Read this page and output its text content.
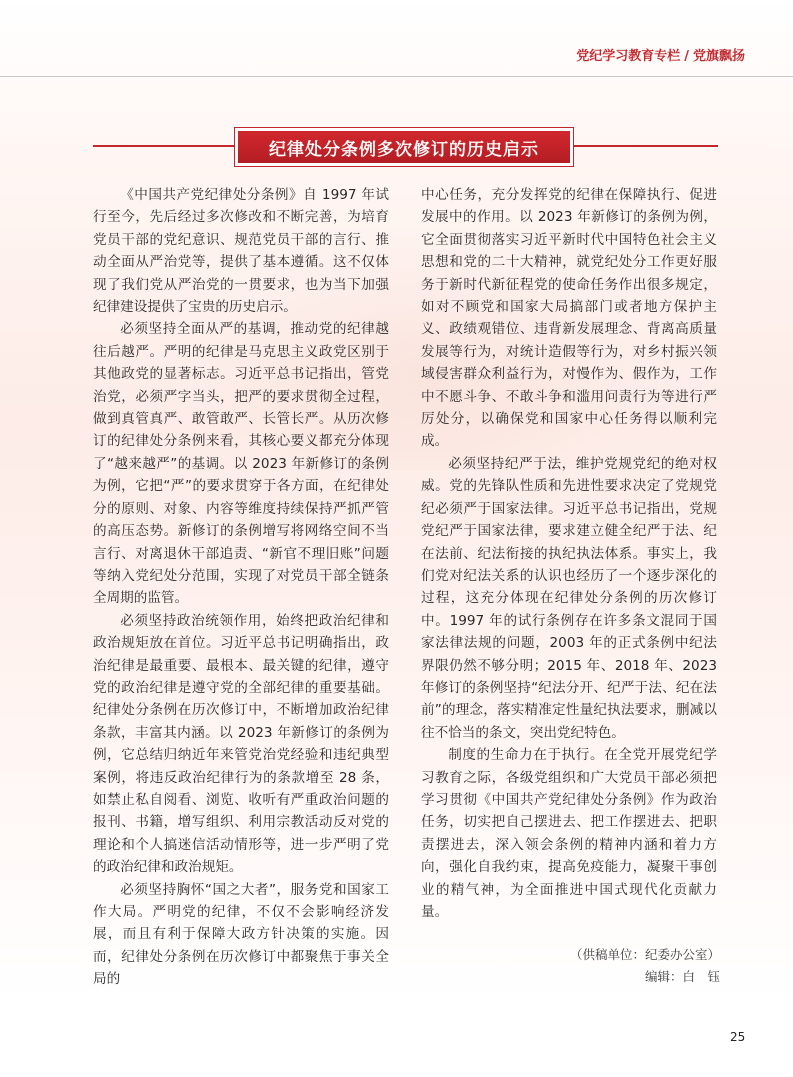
党纪学习教育专栏 / 党旗飘扬
纪律处分条例多次修订的历史启示

《中国共产党纪律处分条例》自 1997 年试行至今，先后经过多次修改和不断完善，为培育党员干部的党纪意识、规范党员干部的言行、推动全面从严治党等，提供了基本遵循。这不仅体现了我们党从严治党的一贯要求，也为当下加强纪律建设提供了宝贵的历史启示。

必须坚持全面从严的基调，推动党的纪律越往后越严。严明的纪律是马克思主义政党区别于其他政党的显著标志。习近平总书记指出，管党治党，必须严字当头，把严的要求贯彻全过程，做到真管真严、敢管敢严、长管长严。从历次修订的纪律处分条例来看，其核心要义都充分体现了“越来越严”的基调。以 2023 年新修订的条例为例，它把“严”的要求贯穿于各方面，在纪律处分的原则、对象、内容等维度持续保持严抓严管的高压态势。新修订的条例增写将网络空间不当言行、对离退休干部追责、“新官不理旧账”问题等纳入党纪处分范围，实现了对党员干部全链条全周期的监管。

必须坚持政治统领作用，始终把政治纪律和政治规矩放在首位。习近平总书记明确指出，政治纪律是最重要、最根本、最关键的纪律，遵守党的政治纪律是遵守党的全部纪律的重要基础。纪律处分条例在历次修订中，不断增加政治纪律条款，丰富其内涵。以 2023 年新修订的条例为例，它总结归纳近年来管党治党经验和违纪典型案例，将违反政治纪律行为的条款增至 28 条，如禁止私自阅看、浏览、收听有严重政治问题的报刊、书籍，增写组织、利用宗教活动反对党的理论和个人搞迷信活动情形等，进一步严明了党的政治纪律和政治规矩。

必须坚持胸怀“国之大者”，服务党和国家工作大局。严明党的纪律，不仅不会影响经济发展，而且有利于保障大政方针决策的实施。因而，纪律处分条例在历次修订中都聚焦于事关全局的

中心任务，充分发挥党的纪律在保障执行、促进发展中的作用。以 2023 年新修订的条例为例，它全面贯彻落实习近平新时代中国特色社会主义思想和党的二十大精神，就党纪处分工作更好服务于新时代新征程党的使命任务作出很多规定，如对不顾党和国家大局搞部门或者地方保护主义、政绩观错位、违背新发展理念、背离高质量发展等行为，对统计造假等行为，对乡村振兴领域侵害群众利益行为，对慢作为、假作为，工作中不愿斗争、不敢斗争和滥用问责行为等进行严厉处分，以确保党和国家中心任务得以顺利完成。

必须坚持纪严于法，维护党规党纪的绝对权威。党的先锋队性质和先进性要求决定了党规党纪必须严于国家法律。习近平总书记指出，党规党纪严于国家法律，要求建立健全纪严于法、纪在法前、纪法衔接的执纪执法体系。事实上，我们党对纪法关系的认识也经历了一个逐步深化的过程，这充分体现在纪律处分条例的历次修订中。1997 年的试行条例存在许多条文混同于国家法律法规的问题，2003 年的正式条例中纪法界限仍然不够分明；2015 年、2018 年、2023 年修订的条例坚持“纪法分开、纪严于法、纪在法前”的理念，落实精准定性量纪执法要求，删减以往不恰当的条文，突出党纪特色。

制度的生命力在于执行。在全党开展党纪学习教育之际，各级党组织和广大党员干部必须把学习贯彻《中国共产党纪律处分条例》作为政治任务，切实把自己摆进去、把工作摆进去、把职责摆进去，深入领会条例的精神内涵和着力方向，强化自我约束，提高免疫能力，凝聚干事创业的精气神，为全面推进中国式现代化贡献力量。

（供稿单位：纪委办公室）
编辑：白　钰
25
